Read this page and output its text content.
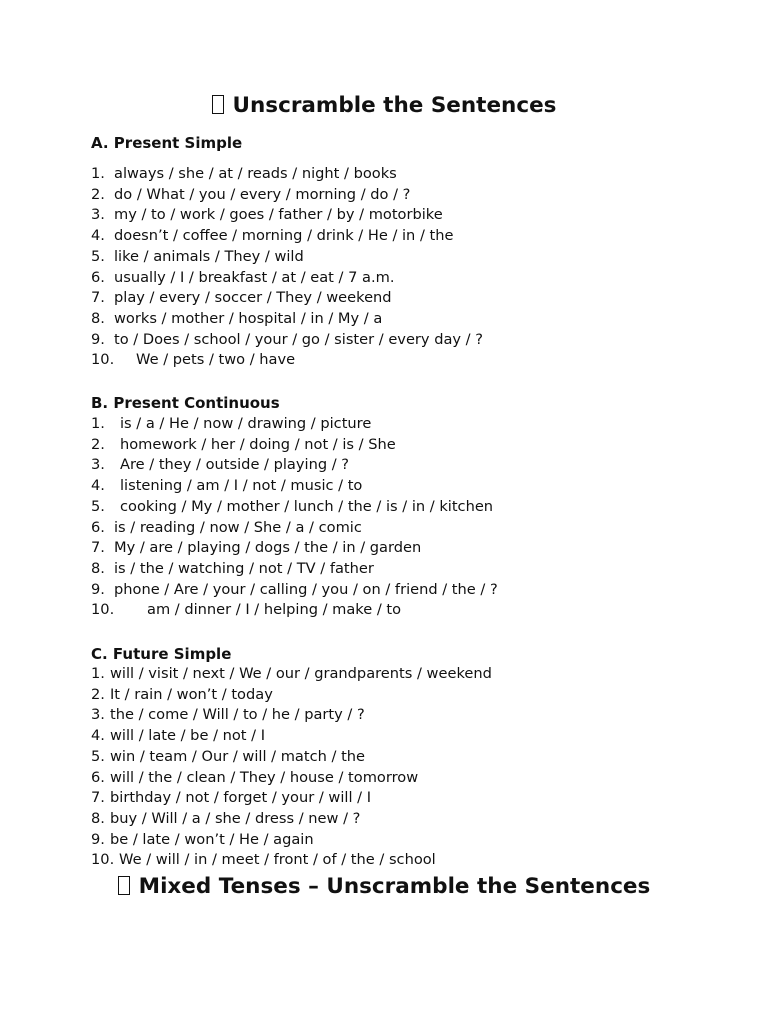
Unscramble the Sentences
A. Present Simple
1. always / she / at / reads / night / books
2. do / What / you / every / morning / do / ?
3. my / to / work / goes / father / by / motorbike
4. doesn’t / coffee / morning / drink / He / in / the
5. like / animals / They / wild
6. usually / I / breakfast / at / eat / 7 a.m.
7. play / every / soccer / They / weekend
8. works / mother / hospital / in / My / a
9. to / Does / school / your / go / sister / every day / ?
10.	We / pets / two / have
B. Present Continuous
1.	is / a / He / now / drawing / picture
2.	homework / her / doing / not / is / She
3.	Are / they / outside / playing / ?
4.	listening / am / I / not / music / to
5.	cooking / My / mother / lunch / the / is / in / kitchen
6. is / reading / now / She / a / comic
7. My / are / playing / dogs / the / in / garden
8. is / the / watching / not / TV / father
9. phone / Are / your / calling / you / on / friend / the / ?
10.	am / dinner / I / helping / make / to
C. Future Simple
1. will / visit / next / We / our / grandparents / weekend
2. It / rain / won’t / today
3. the / come / Will / to / he / party / ?
4. will / late / be / not / I
5. win / team / Our / will / match / the
6. will / the / clean / They / house / tomorrow
7. birthday / not / forget / your / will / I
8. buy / Will / a / she / dress / new / ?
9. be / late / won’t / He / again
10. We / will / in / meet / front / of / the / school
Mixed Tenses – Unscramble the Sentences
